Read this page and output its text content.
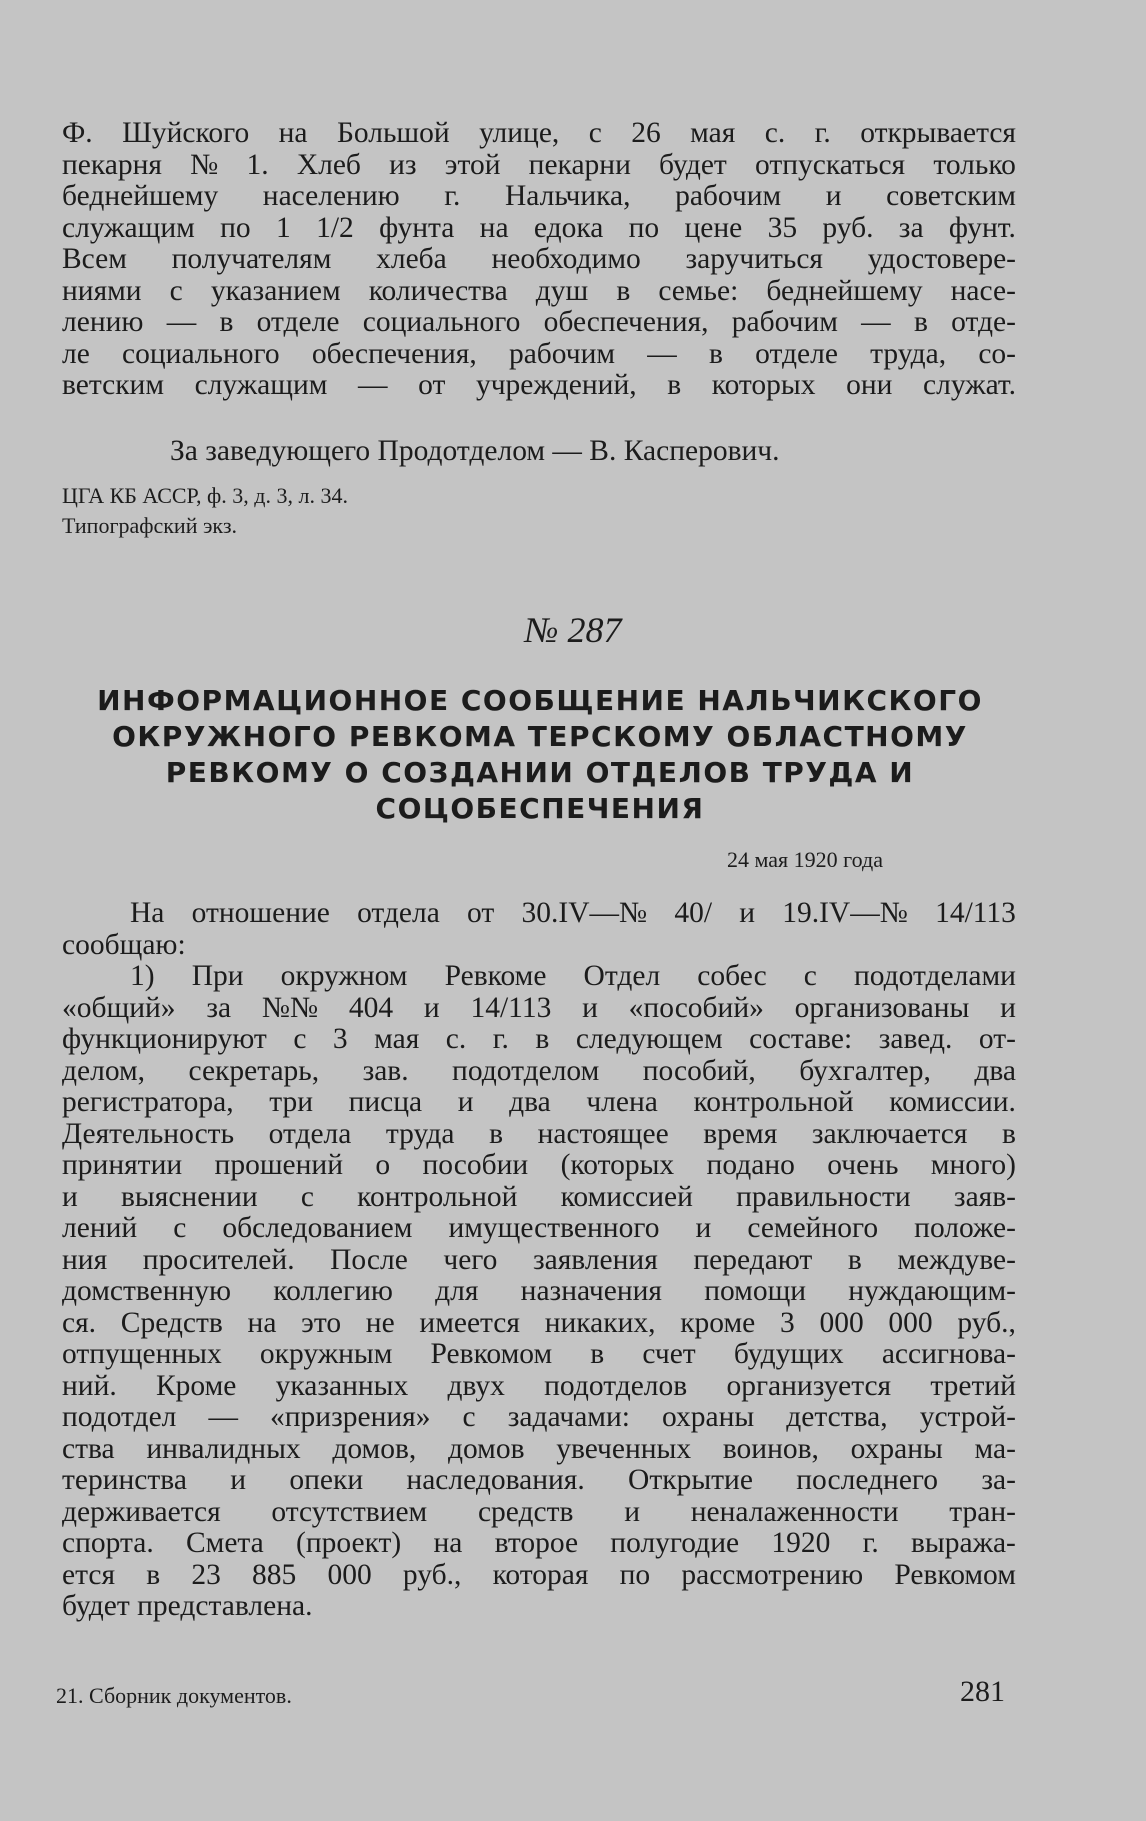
Ф. Шуйского на Большой улице, с 26 мая с. г. открывается
пекарня № 1. Хлеб из этой пекарни будет отпускаться только
беднейшему населению г. Нальчика, рабочим и советским
служащим по 1 1/2 фунта на едока по цене 35 руб. за фунт.
Всем получателям хлеба необходимо заручиться удостовере-
ниями с указанием количества душ в семье: беднейшему насе-
лению — в отделе социального обеспечения, рабочим — в отде-
ле социального обеспечения, рабочим — в отделе труда, со-
ветским служащим — от учреждений, в которых они служат.
За заведующего Продотделом — В. Касперович.
ЦГА КБ АССР, ф. 3, д. 3, л. 34.
Типографский экз.
№ 287
ИНФОРМАЦИОННОЕ СООБЩЕНИЕ НАЛЬЧИКСКОГО
ОКРУЖНОГО РЕВКОМА ТЕРСКОМУ ОБЛАСТНОМУ
РЕВКОМУ О СОЗДАНИИ ОТДЕЛОВ ТРУДА И
СОЦОБЕСПЕЧЕНИЯ
24 мая 1920 года
На отношение отдела от 30.IV—№ 40/ и 19.IV—№ 14/113
сообщаю:
1) При окружном Ревкоме Отдел собес с подотделами
«общий» за №№ 404 и 14/113 и «пособий» организованы и
функционируют с 3 мая с. г. в следующем составе: завед. от-
делом, секретарь, зав. подотделом пособий, бухгалтер, два
регистратора, три писца и два члена контрольной комиссии.
Деятельность отдела труда в настоящее время заключается в
принятии прошений о пособии (которых подано очень много)
и выяснении с контрольной комиссией правильности заяв-
лений с обследованием имущественного и семейного положе-
ния просителей. После чего заявления передают в междуве-
домственную коллегию для назначения помощи нуждающим-
ся. Средств на это не имеется никаких, кроме 3 000 000 руб.,
отпущенных окружным Ревкомом в счет будущих ассигнова-
ний. Кроме указанных двух подотделов организуется третий
подотдел — «призрения» с задачами: охраны детства, устрой-
ства инвалидных домов, домов увеченных воинов, охраны ма-
теринства и опеки наследования. Открытие последнего за-
держивается отсутствием средств и неналаженности тран-
спорта. Смета (проект) на второе полугодие 1920 г. выража-
ется в 23 885 000 руб., которая по рассмотрению Ревкомом
будет представлена.
21. Сборник документов.	281
